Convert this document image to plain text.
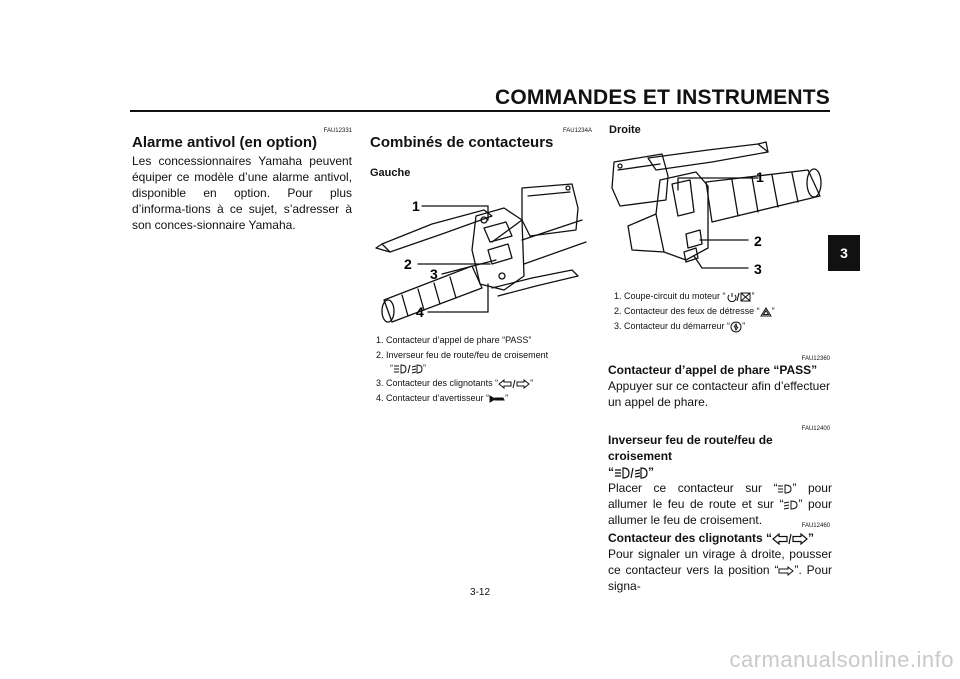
COMMANDES ET INSTRUMENTS
3
FAU12331
Alarme antivol (en option)

Les concessionnaires Yamaha peuvent équiper ce modèle d’une alarme antivol, disponible en option. Pour plus d’informa-tions à ce sujet, s’adresser à son conces-sionnaire Yamaha.

FAU1234A
Combinés de contacteurs

Gauche

1
2
3
4
1. Contacteur d’appel de phare “PASS”
2. Inverseur feu de route/feu de croisement
“	”
3. Contacteur des clignotants “	”
4. Contacteur d’avertisseur “ ”

Droite

1
2
3
1. Coupe-circuit du moteur “	”
2. Contacteur des feux de détresse “ ”
3. Contacteur du démarreur “ ”
FAU12360

Contacteur d’appel de phare “PASS”

Appuyer sur ce contacteur afin d’effectuer un appel de phare.

FAU12400

Inverseur feu de route/feu de croisement

“	”

Placer ce contacteur sur “ ” pour allumer le feu de route et sur “ ” pour allumer le feu de croisement.	FAU12460

Contacteur des clignotants “	”

Pour signaler un virage à droite, pousser ce contacteur vers la position “ ”. Pour signa-

3-12
carmanualsonline.info
